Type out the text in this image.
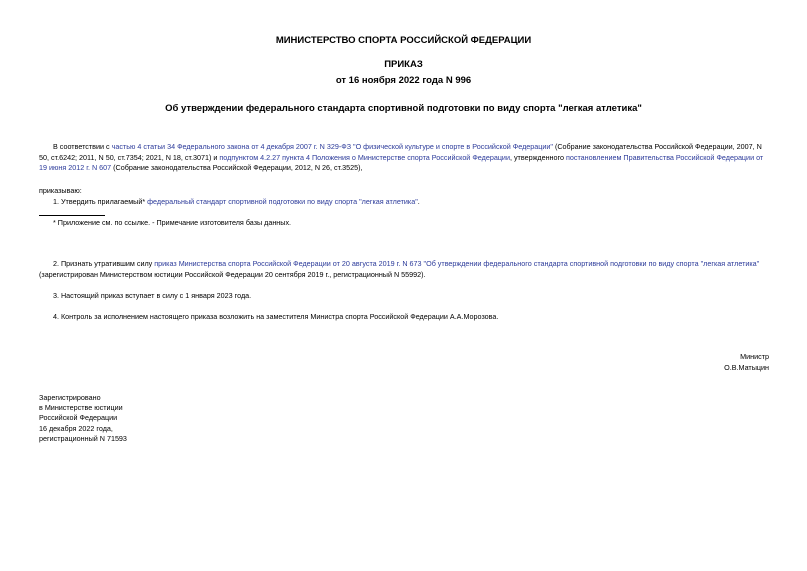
МИНИСТЕРСТВО СПОРТА РОССИЙСКОЙ ФЕДЕРАЦИИ
ПРИКАЗ
от 16 ноября 2022 года N 996
Об утверждении федерального стандарта спортивной подготовки по виду спорта "легкая атлетика"
В соответствии с частью 4 статьи 34 Федерального закона от 4 декабря 2007 г. N 329-ФЗ "О физической культуре и спорте в Российской Федерации" (Собрание законодательства Российской Федерации, 2007, N 50, ст.6242; 2011, N 50, ст.7354; 2021, N 18, ст.3071) и подпунктом 4.2.27 пункта 4 Положения о Министерстве спорта Российской Федерации, утвержденного постановлением Правительства Российской Федерации от 19 июня 2012 г. N 607 (Собрание законодательства Российской Федерации, 2012, N 26, ст.3525),
приказываю:
1. Утвердить прилагаемый* федеральный стандарт спортивной подготовки по виду спорта "легкая атлетика".
* Приложение см. по ссылке. - Примечание изготовителя базы данных.
2. Признать утратившим силу приказ Министерства спорта Российской Федерации от 20 августа 2019 г. N 673 "Об утверждении федерального стандарта спортивной подготовки по виду спорта "легкая атлетика" (зарегистрирован Министерством юстиции Российской Федерации 20 сентября 2019 г., регистрационный N 55992).
3. Настоящий приказ вступает в силу с 1 января 2023 года.
4. Контроль за исполнением настоящего приказа возложить на заместителя Министра спорта Российской Федерации А.А.Морозова.
Министр
О.В.Матыцин
Зарегистрировано
в Министерстве юстиции
Российской Федерации
16 декабря 2022 года,
регистрационный N 71593
